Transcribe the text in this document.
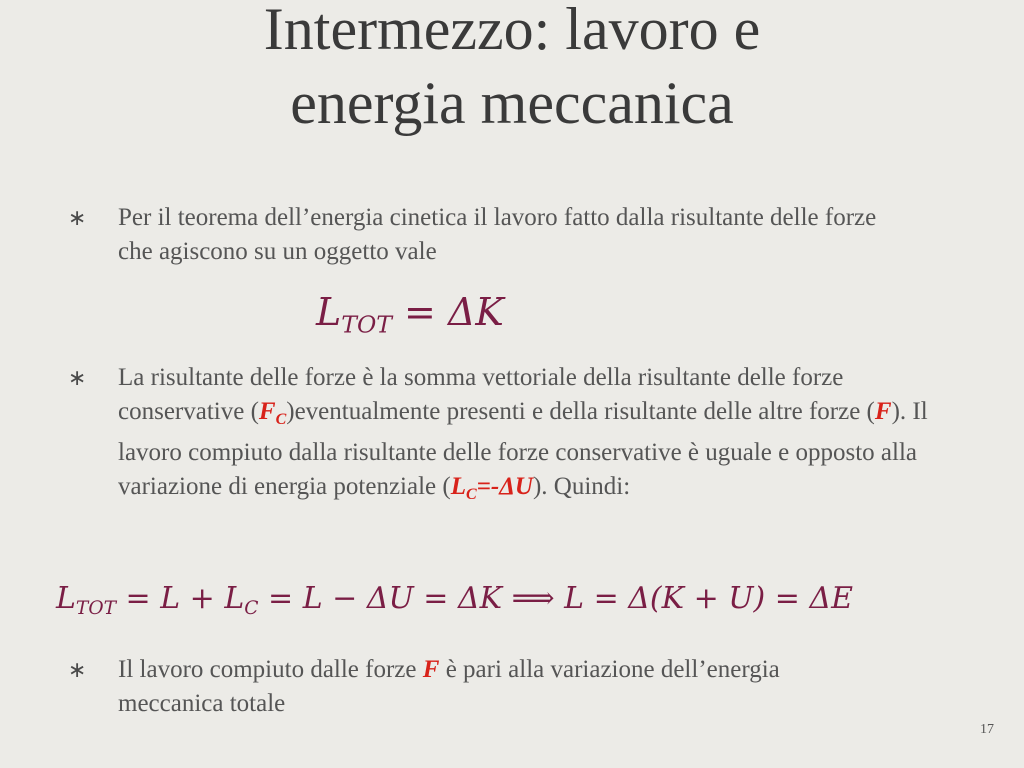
Intermezzo: lavoro e
energia meccanica
∗ Per il teorema dell’energia cinetica il lavoro fatto dalla risultante delle forze che agiscono su un oggetto vale
$L_{TOT} = \Delta K$
∗ La risultante delle forze è la somma vettoriale della risultante delle forze conservative $(F_C)eventualmente$ presenti e della risultante delle altre forze (F). Il lavoro compiuto dalla risultante delle forze conservative è uguale e opposto alla variazione di energia potenziale $(L_C=-\Delta U)$. Quindi:
$L_{TOT} = L + L_C = L - \Delta U = \Delta K$ ⟹ L = Δ(K + U) = ΔE
∗ Il lavoro compiuto dalle forze F è pari alla variazione dell’energia meccanica totale
17
